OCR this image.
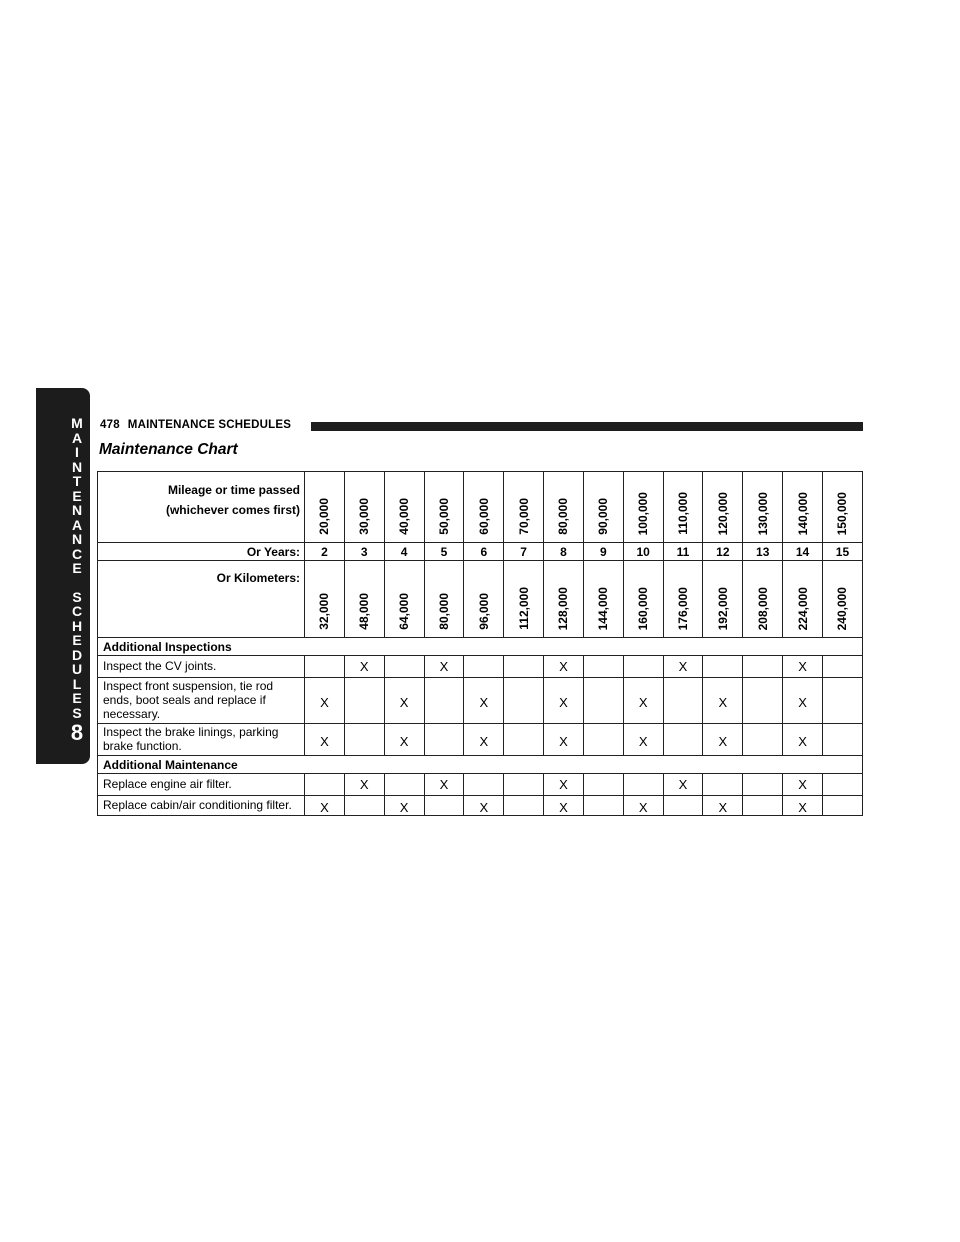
M
A
I
N
T
E
N
A
N
C
E
S
C
H
E
D
U
L
E
S
8
478 MAINTENANCE SCHEDULES
Maintenance Chart
Mileage or time passed
(whichever comes first)	20,000	30,000	40,000	50,000	60,000	70,000	80,000	90,000	100,000	110,000	120,000	130,000	140,000	150,000
Or Years:	2	3	4	5	6	7	8	9	10	11	12	13	14	15
Or Kilometers:	32,000	48,000	64,000	80,000	96,000	112,000	128,000	144,000	160,000	176,000	192,000	208,000	224,000	240,000
Additional Inspections														
Inspect the CV joints.		X		X			X			X			X	
Inspect front suspension, tie rod ends, boot seals and replace if necessary.	X		X		X		X		X		X		X	
Inspect the brake linings, parking brake function.	X		X		X		X		X		X		X	
Additional Maintenance														
Replace engine air filter.		X		X			X			X			X	
Replace cabin/air conditioning filter.	X		X		X		X		X		X		X	
